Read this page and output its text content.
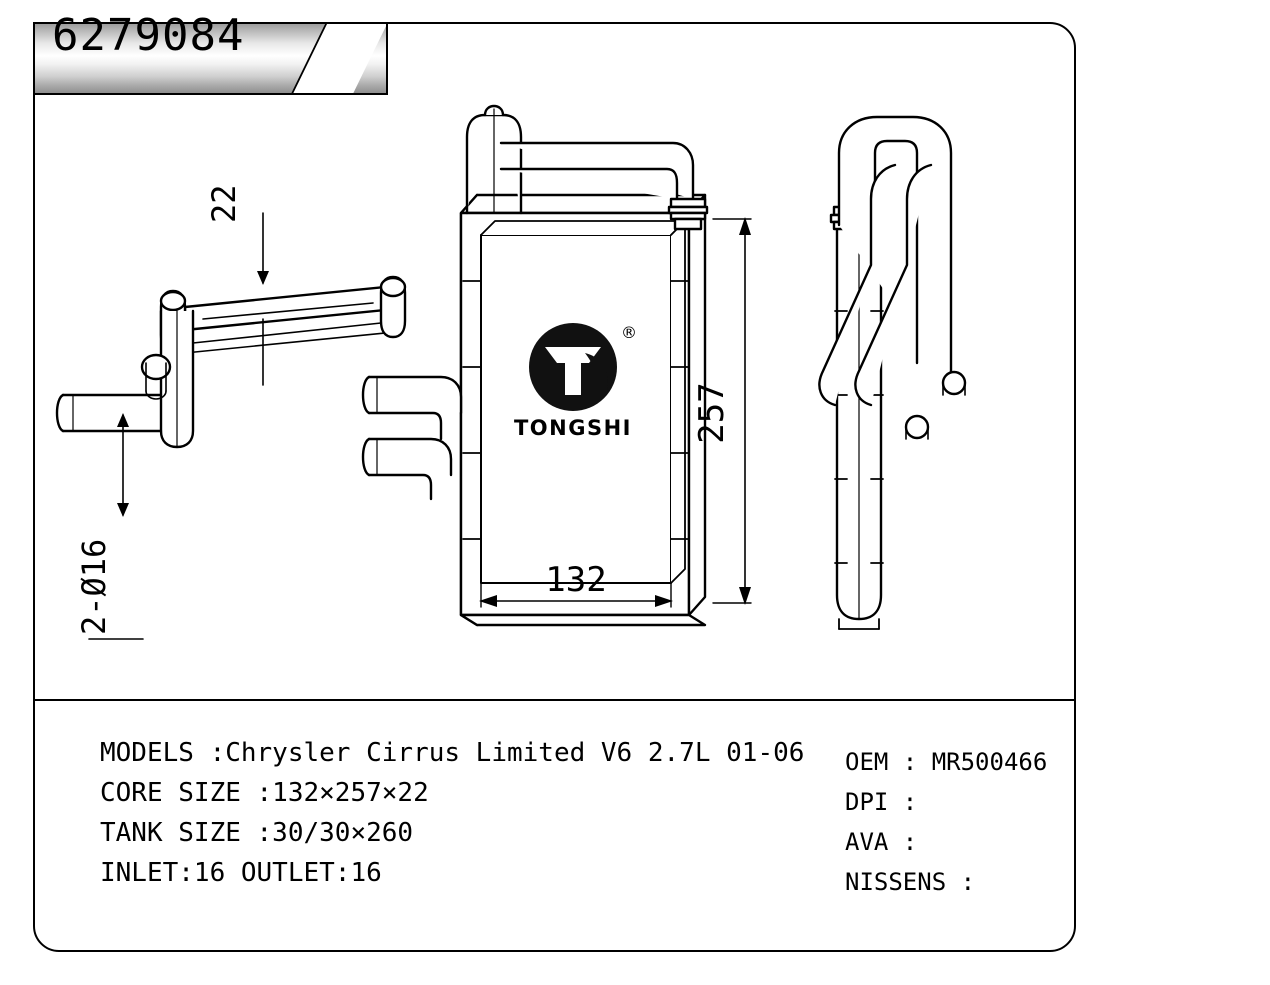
6279084
22
2-Ø16
TONGSHI
®
257
132
MODELS :Chrysler Cirrus Limited V6 2.7L 01-06
CORE SIZE :132×257×22
TANK SIZE :30/30×260
INLET:16 OUTLET:16
OEM : MR500466
DPI :
AVA :
NISSENS :
